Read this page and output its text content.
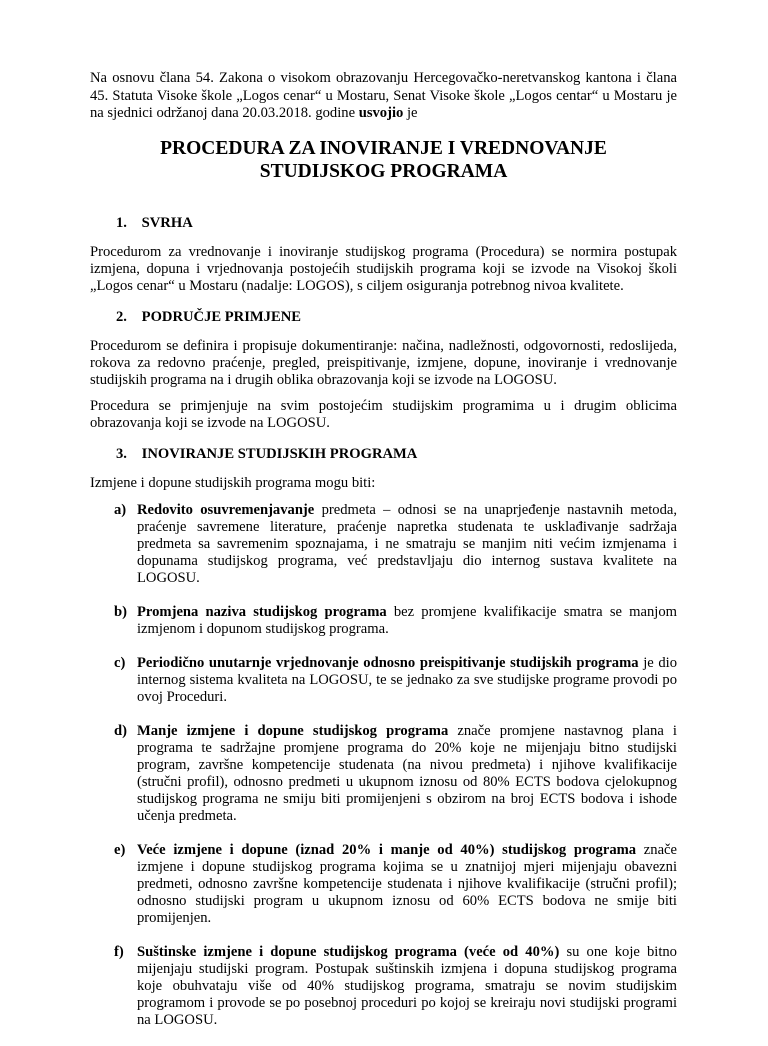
Na osnovu člana 54. Zakona o visokom obrazovanju Hercegovačko-neretvanskog kantona i člana 45. Statuta Visoke škole „Logos cenar“ u Mostaru, Senat Visoke škole „Logos centar“ u Mostaru je na sjednici održanoj dana 20.03.2018. godine usvojio je

PROCEDURA ZA INOVIRANJE I VREDNOVANJE
STUDIJSKOG PROGRAMA
1. SVRHA

Procedurom za vrednovanje i inoviranje studijskog programa (Procedura) se normira postupak izmjena, dopuna i vrjednovanja postojećih studijskih programa koji se izvode na Visokoj školi „Logos cenar“ u Mostaru (nadalje: LOGOS), s ciljem osiguranja potrebnog nivoa kvalitete.

2. PODRUČJE PRIMJENE

Procedurom se definira i propisuje dokumentiranje: načina, nadležnosti, odgovornosti, redoslijeda, rokova za redovno praćenje, pregled, preispitivanje, izmjene, dopune, inoviranje i vrednovanje studijskih programa na i drugih oblika obrazovanja koji se izvode na LOGOSU.

Procedura se primjenjuje na svim postojećim studijskim programima u i drugim oblicima obrazovanja koji se izvode na LOGOSU.

3. INOVIRANJE STUDIJSKIH PROGRAMA

Izmjene i dopune studijskih programa mogu biti:

a) Redovito osuvremenjavanje predmeta – odnosi se na unaprjeđenje nastavnih metoda, praćenje savremene literature, praćenje napretka studenata te usklađivanje sadržaja predmeta sa savremenim spoznajama, i ne smatraju se manjim niti većim izmjenama i dopunama studijskog programa, već predstavljaju dio internog sustava kvalitete na LOGOSU.
b) Promjena naziva studijskog programa bez promjene kvalifikacije smatra se manjom izmjenom i dopunom studijskog programa.
c) Periodično unutarnje vrjednovanje odnosno preispitivanje studijskih programa je dio internog sistema kvaliteta na LOGOSU, te se jednako za sve studijske programe provodi po ovoj Proceduri.
d) Manje izmjene i dopune studijskog programa znače promjene nastavnog plana i programa te sadržajne promjene programa do 20% koje ne mijenjaju bitno studijski program, završne kompetencije studenata (na nivou predmeta) i njihove kvalifikacije (stručni profil), odnosno predmeti u ukupnom iznosu od 80% ECTS bodova cjelokupnog studijskog programa ne smiju biti promijenjeni s obzirom na broj ECTS bodova i ishode učenja predmeta.
e) Veće izmjene i dopune (iznad 20% i manje od 40%) studijskog programa znače izmjene i dopune studijskog programa kojima se u znatnijoj mjeri mijenjaju obavezni predmeti, odnosno završne kompetencije studenata i njihove kvalifikacije (stručni profil); odnosno studijski program u ukupnom iznosu od 60% ECTS bodova ne smije biti promijenjen.
f) Suštinske izmjene i dopune studijskog programa (veće od 40%) su one koje bitno mijenjaju studijski program. Postupak suštinskih izmjena i dopuna studijskog programa koje obuhvataju više od 40% studijskog programa, smatraju se novim studijskim programom i provode se po posebnoj proceduri po kojoj se kreiraju novi studijski programi na LOGOSU.
